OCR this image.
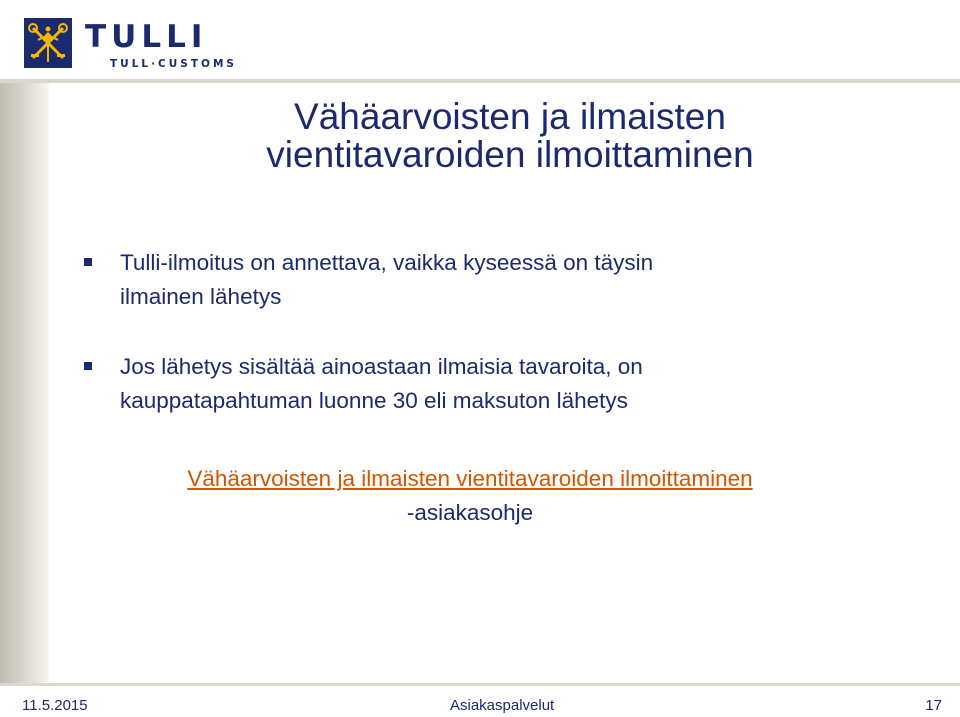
TULLI
TULL·CUSTOMS
Vähäarvoisten ja ilmaisten
vientitavaroiden ilmoittaminen
Tulli-ilmoitus on annettava, vaikka kyseessä on täysin
ilmainen lähetys
Jos lähetys sisältää ainoastaan ilmaisia tavaroita, on
kauppatapahtuman luonne 30 eli maksuton lähetys
Vähäarvoisten ja ilmaisten vientitavaroiden ilmoittaminen
-asiakasohje
11.5.2015	Asiakaspalvelut	17
